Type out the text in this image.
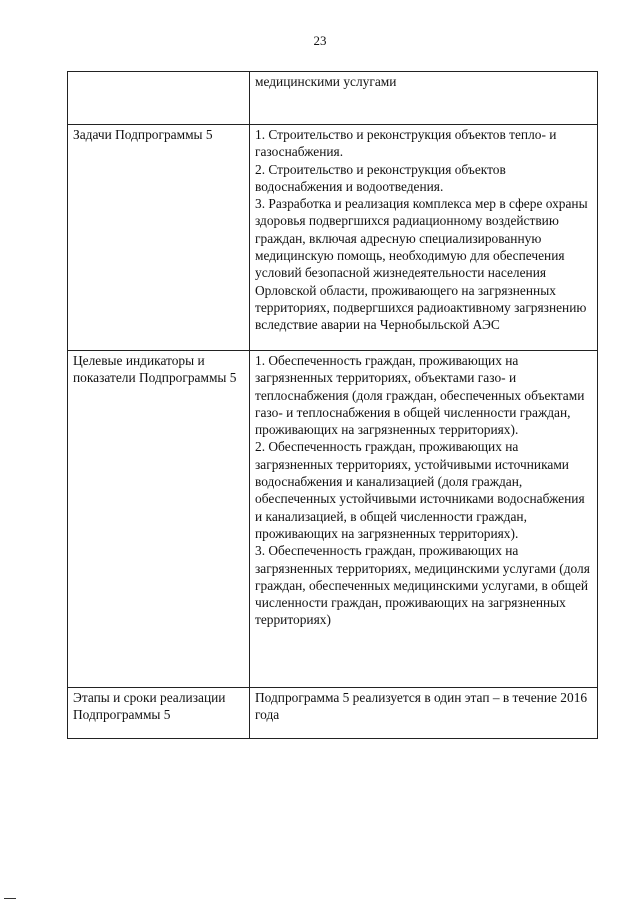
23

	медицинскими услугами

Задачи Подпрограммы 5	1. Строительство и реконструкция объектов тепло- и газоснабжения.

2. Строительство и реконструкция объектов водоснабжения и водоотведения.

3. Разработка и реализация комплекса мер в сфере охраны здоровья подвергшихся радиационному воздействию граждан, включая адресную специализированную медицинскую помощь, необходимую для обеспечения условий безопасной жизнедеятельности населения Орловской области, проживающего на загрязненных территориях, подвергшихся радиоактивному загрязнению вследствие аварии на Чернобыльской АЭС

Целевые индикаторы и показатели Подпрограммы 5	1. Обеспеченность граждан, проживающих на загрязненных территориях, объектами газо- и теплоснабжения (доля граждан, обеспеченных объектами газо- и теплоснабжения в общей численности граждан, проживающих на загрязненных территориях).

2. Обеспеченность граждан, проживающих на загрязненных территориях, устойчивыми источниками водоснабжения и канализацией (доля граждан, обеспеченных устойчивыми источниками водоснабжения и канализацией, в общей численности граждан, проживающих на загрязненных территориях).

3. Обеспеченность граждан, проживающих на загрязненных территориях, медицинскими услугами (доля граждан, обеспеченных медицинскими услугами, в общей численности граждан, проживающих на загрязненных территориях)

Этапы и сроки реализации Подпрограммы 5	Подпрограмма 5 реализуется в один этап – в течение 2016 года
